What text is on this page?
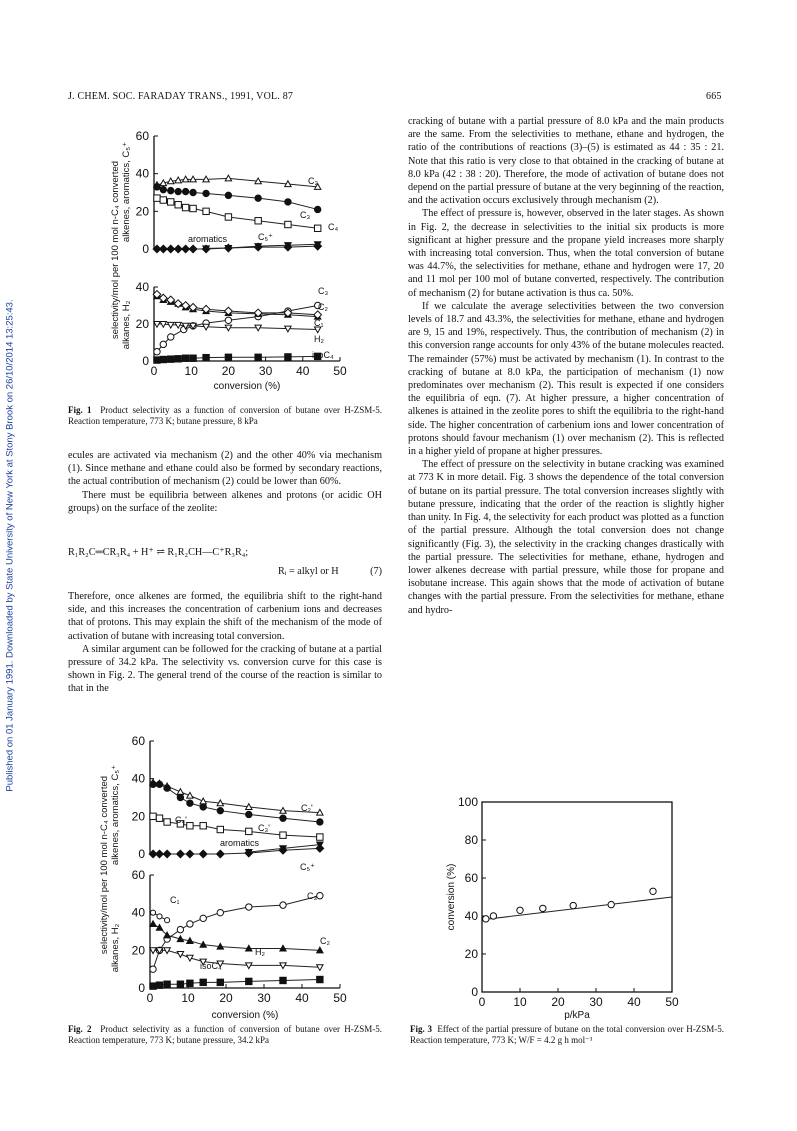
Published on 01 January 1991. Downloaded by State University of New York at Stony Brook on 26/10/2014 13:25:43.
J. CHEM. SOC. FARADAY TRANS., 1991, VOL. 87	665
60
40
20
0
0 10 20 30 40 50
40
20
0
aromatics	C₅⁺
C₂
C₃
C₄
C₃
C₂
C₁
H₂
isoC₄
conversion (%)
selectivity/mol per 100 mol n-C₄ converted alkenes, aromatics, C₅⁺
alkanes, H₂
Fig. 1 Product selectivity as a function of conversion of butane over H-ZSM-5. Reaction temperature, 773 K; butane pressure, 8 kPa

ecules are activated via mechanism (2) and the other 40% via mechanism (1). Since methane and ethane could also be formed by secondary reactions, the actual contribution of mechanism (2) could be lower than 60%.

There must be equilibria between alkenes and protons (or acidic OH groups) on the surface of the zeolite:

R₁R₂C═CR₃R₄ + H⁺ ⇌ R₁R₂CH—C⁺R₃R₄;
Rᵢ = alkyl or H	(7)

Therefore, once alkenes are formed, the equilibria shift to the right-hand side, and this increases the concentration of carbenium ions and decreases that of protons. This may explain the shift of the mechanism of the mode of activation of butane with increasing total conversion.

A similar argument can be followed for the cracking of butane at a partial pressure of 34.2 kPa. The selectivity vs. conversion curve for this case is shown in Fig. 2. The general trend of the course of the reaction is similar to that in the

60
40
20
0
0 10 20 30 40 50
60
40
20
0
C₂'
C₃'
C₄'
aromatics
C₅⁺
C₁	C₃
C₂
H₂
isoC₄
conversion (%)
selectivity/mol per 100 mol n-C₄ converted alkenes, aromatics, C₅⁺
alkanes, H₂
Fig. 2 Product selectivity as a function of conversion of butane over H-ZSM-5. Reaction temperature, 773 K; butane pressure, 34.2 kPa

cracking of butane with a partial pressure of 8.0 kPa and the main products are the same. From the selectivities to methane, ethane and hydrogen, the ratio of the contributions of reactions (3)–(5) is estimated as 44 : 35 : 21. Note that this ratio is very close to that obtained in the cracking of butane at 8.0 kPa (42 : 38 : 20). Therefore, the mode of activation of butane does not depend on the partial pressure of butane at the very beginning of the reaction, and the activation occurs exclusively through mechanism (2).

The effect of pressure is, however, observed in the later stages. As shown in Fig. 2, the decrease in selectivities to the initial six products is more significant at higher pressure and the propane yield increases more sharply with increasing total conversion. Thus, when the total conversion of butane was 44.7%, the selectivities for methane, ethane and hydrogen were 17, 20 and 11 mol per 100 mol of butane converted, respectively. The contribution of mechanism (2) for butane activation is thus ca. 50%.

If we calculate the average selectivities between the two conversion levels of 18.7 and 43.3%, the selectivities for methane, ethane and hydrogen are 9, 15 and 19%, respectively. Thus, the contribution of mechanism (2) in this conversion range accounts for only 43% of the butane molecules reacted. The remainder (57%) must be activated by mechanism (1). In contrast to the cracking of butane at 8.0 kPa, the participation of mechanism (1) now predominates over mechanism (2). This result is expected if one considers the equilibria of eqn. (7). At higher pressure, a higher concentration of alkenes is attained in the zeolite pores to shift the equilibria to the right-hand side. The higher concentration of carbenium ions and lower concentration of protons should favour mechanism (1) over mechanism (2). This is reflected in a higher yield of propane at higher pressures.

The effect of pressure on the selectivity in butane cracking was examined at 773 K in more detail. Fig. 3 shows the dependence of the total conversion of butane on its partial pressure. The total conversion increases slightly with butane pressure, indicating that the order of the reaction is slightly higher than unity. In Fig. 4, the selectivity for each product was plotted as a function of the partial pressure. Although the total conversion does not change significantly (Fig. 3), the selectivity in the cracking changes drastically with the partial pressure. The selectivities for methane, ethane, hydrogen and lower alkenes decrease with partial pressure, while those for propane and isobutane increase. This again shows that the mode of activation of butane changes with the partial pressure. From the selectivities for methane, ethane and hydro-

0 10 20 30 40 50
100
80
60
40
20
0
p/kPa
conversion (%)
Fig. 3 Effect of the partial pressure of butane on the total conversion over H-ZSM-5. Reaction temperature, 773 K; W/F = 4.2 g h mol⁻¹
